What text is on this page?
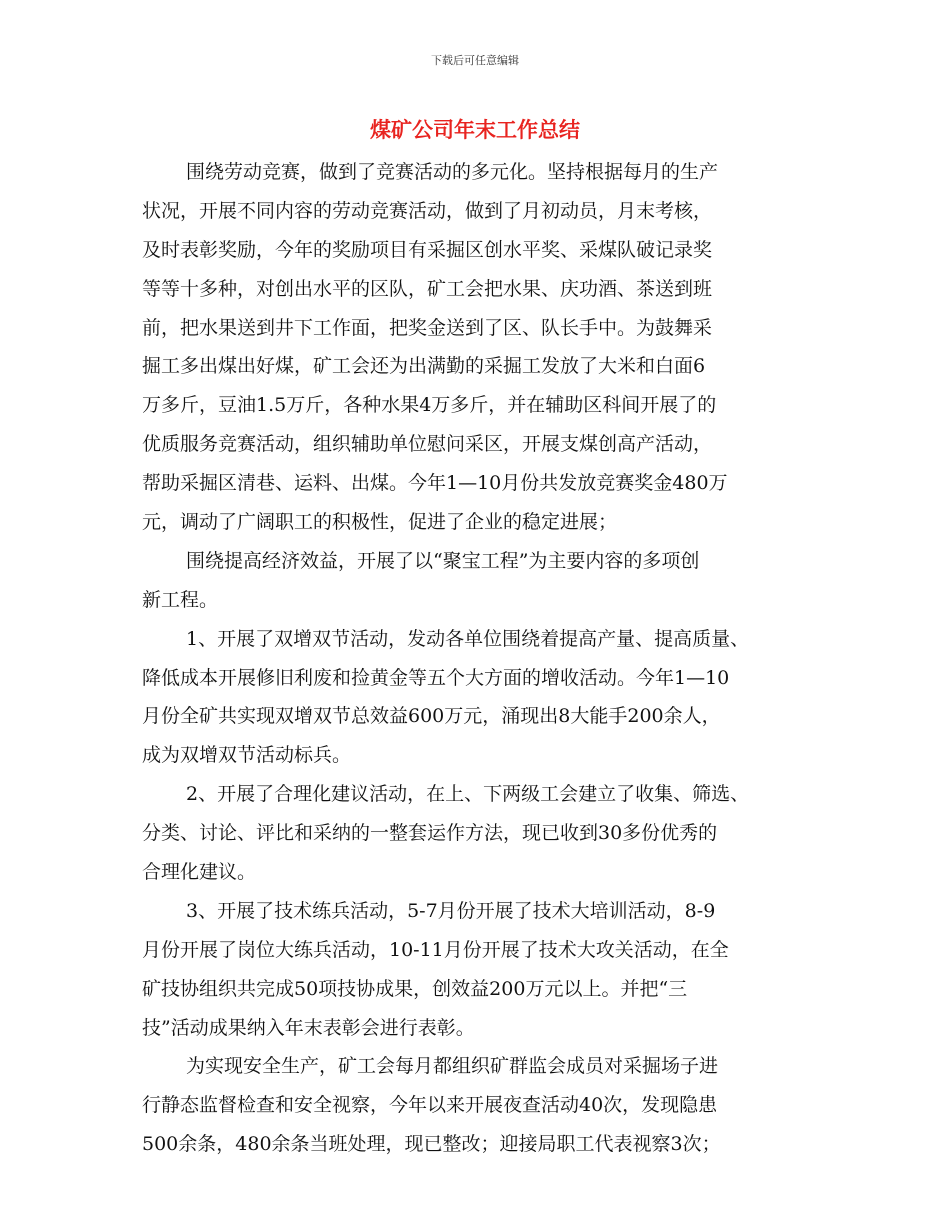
下载后可任意编辑
煤矿公司年末工作总结
围绕劳动竞赛，做到了竞赛活动的多元化。坚持根据每月的生产
状况，开展不同内容的劳动竞赛活动，做到了月初动员，月末考核，
及时表彰奖励，今年的奖励项目有采掘区创水平奖、采煤队破记录奖
等等十多种，对创出水平的区队，矿工会把水果、庆功酒、茶送到班
前，把水果送到井下工作面，把奖金送到了区、队长手中。为鼓舞采
掘工多出煤出好煤，矿工会还为出满勤的采掘工发放了大米和白面6
万多斤，豆油1.5万斤，各种水果4万多斤，并在辅助区科间开展了的
优质服务竞赛活动，组织辅助单位慰问采区，开展支煤创高产活动，
帮助采掘区清巷、运料、出煤。今年1—10月份共发放竞赛奖金480万
元，调动了广阔职工的积极性，促进了企业的稳定进展；
围绕提高经济效益，开展了以“聚宝工程”为主要内容的多项创
新工程。
1、开展了双增双节活动，发动各单位围绕着提高产量、提高质量、
降低成本开展修旧利废和捡黄金等五个大方面的增收活动。今年1—10
月份全矿共实现双增双节总效益600万元，涌现出8大能手200余人，
成为双增双节活动标兵。
2、开展了合理化建议活动，在上、下两级工会建立了收集、筛选、
分类、讨论、评比和采纳的一整套运作方法，现已收到30多份优秀的
合理化建议。
3、开展了技术练兵活动，5-7月份开展了技术大培训活动，8-9
月份开展了岗位大练兵活动，10-11月份开展了技术大攻关活动，在全
矿技协组织共完成50项技协成果，创效益200万元以上。并把“三
技”活动成果纳入年末表彰会进行表彰。
为实现安全生产，矿工会每月都组织矿群监会成员对采掘场子进
行静态监督检查和安全视察，今年以来开展夜查活动40次，发现隐患
500余条，480余条当班处理，现已整改；迎接局职工代表视察3次；
